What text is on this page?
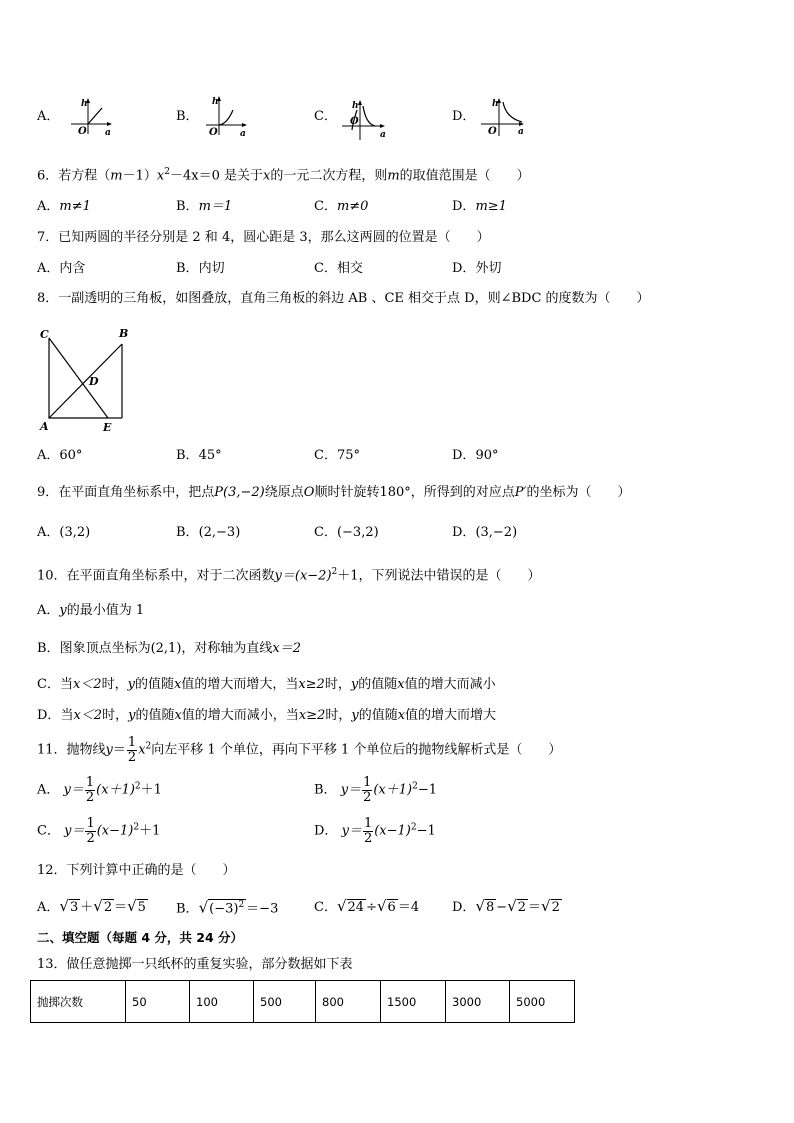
A．
h
O a
B．
h
O a
C．
h
O
a
D．
h
O a
6．若方程$(m-1)x^2-4x=0$ 是关于x的一元二次方程，则m的取值范围是（　　）
A．m≠1	B．m＝1	C．m≠0	D．m≥1
7．已知两圆的半径分别是 2 和 4，圆心距是 3，那么这两圆的位置是（　　）
A．内含	B．内切	C．相交	D．外切
8．一副透明的三角板，如图叠放，直角三角板的斜边 AB 、CE 相交于点 D，则∠BDC 的度数为（　　）
C	B
D
A	E
A．60°	B．45°	C．75°	D．90°
9．在平面直角坐标系中，把点P(3,−2)绕原点O顺时针旋转180°，所得到的对应点P′的坐标为（　　）
A．(3,2)	B．(2,−3)	C．(−3,2)	D．(3,−2)
10．在平面直角坐标系中，对于二次函数$y=(x-2)^2+1$，下列说法中错误的是（　　）
A．y的最小值为 1
B．图象顶点坐标为(2,1)，对称轴为直线x＝2
C．当x＜2时，y的值随x值的增大而增大，当x≥2时，y的值随x值的增大而减小
D．当x＜2时，y的值随x值的增大而减小，当x≥2时，y的值随x值的增大而增大
11．抛物线$y= \frac{1}{2} x^2$向左平移 1 个单位，再向下平移 1 个单位后的抛物线解析式是（　　）
A． $y= \frac{1}{2} (x+1)^2+1$	B． $y= \frac{1}{2} (x+1)^2-1$
C． $y= \frac{1}{2} (x-1)^2+1$	D． $y= \frac{1}{2} (x-1)^2-1$
12．下列计算中正确的是（　　）
A．√3 ＋√2 ＝√5 B．$√(-3)^2 =-3$	C．√24 ÷√6 ＝4	D．√8 −√2 ＝√2
二、填空题（每题 4 分，共 24 分）
13．做任意抛掷一只纸杯的重复实验，部分数据如下表
抛掷次数	50	100	500	800	1500	3000	5000
